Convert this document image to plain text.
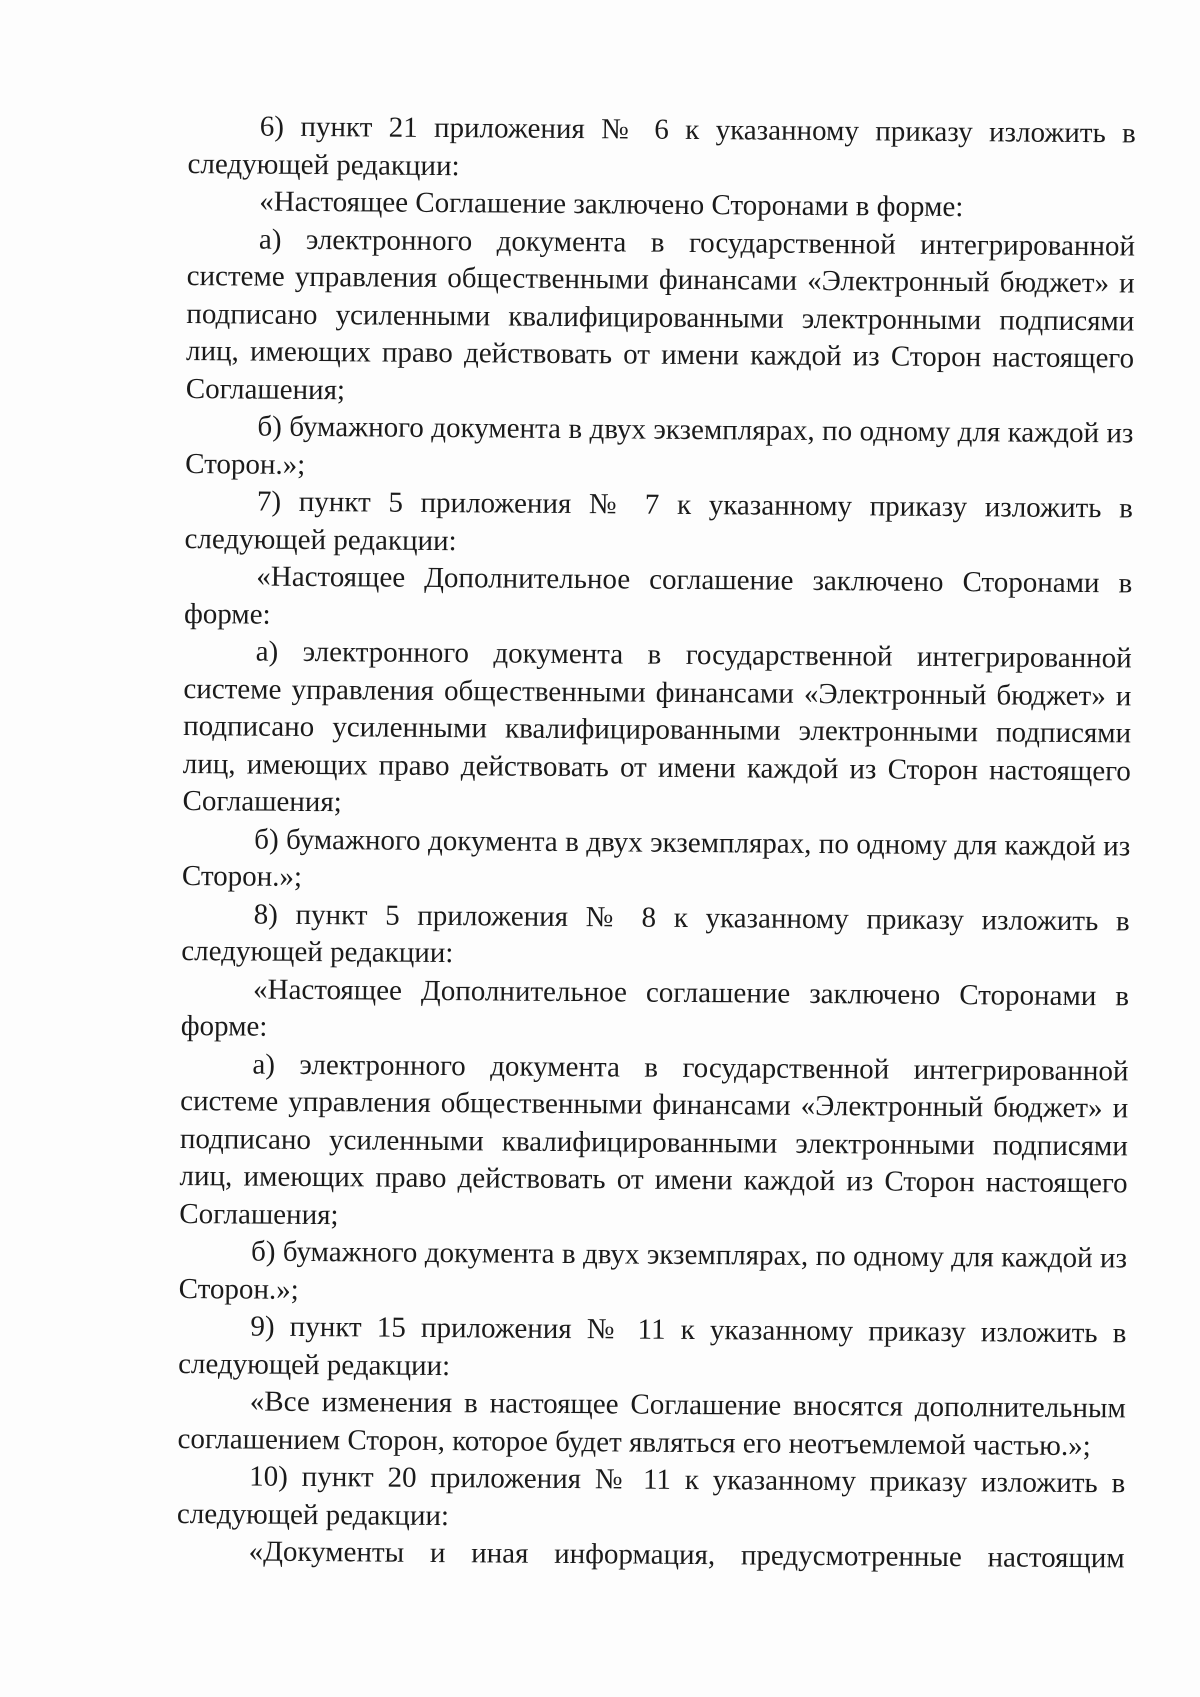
6) пункт 21 приложения № 6 к указанному приказу изложить в следующей редакции:

«Настоящее Соглашение заключено Сторонами в форме:

а) электронного документа в государственной интегрированной системе управления общественными финансами «Электронный бюджет» и подписано усиленными квалифицированными электронными подписями лиц, имеющих право действовать от имени каждой из Сторон настоящего Соглашения;

б) бумажного документа в двух экземплярах, по одному для каждой из Сторон.»;

7) пункт 5 приложения № 7 к указанному приказу изложить в следующей редакции:

«Настоящее Дополнительное соглашение заключено Сторонами в форме:

а) электронного документа в государственной интегрированной системе управления общественными финансами «Электронный бюджет» и подписано усиленными квалифицированными электронными подписями лиц, имеющих право действовать от имени каждой из Сторон настоящего Соглашения;

б) бумажного документа в двух экземплярах, по одному для каждой из Сторон.»;

8) пункт 5 приложения № 8 к указанному приказу изложить в следующей редакции:

«Настоящее Дополнительное соглашение заключено Сторонами в форме:

а) электронного документа в государственной интегрированной системе управления общественными финансами «Электронный бюджет» и подписано усиленными квалифицированными электронными подписями лиц, имеющих право действовать от имени каждой из Сторон настоящего Соглашения;

б) бумажного документа в двух экземплярах, по одному для каждой из Сторон.»;

9) пункт 15 приложения № 11 к указанному приказу изложить в следующей редакции:

«Все изменения в настоящее Соглашение вносятся дополнительным соглашением Сторон, которое будет являться его неотъемлемой частью.»;

10) пункт 20 приложения № 11 к указанному приказу изложить в следующей редакции:

«Документы и иная информация, предусмотренные настоящим
